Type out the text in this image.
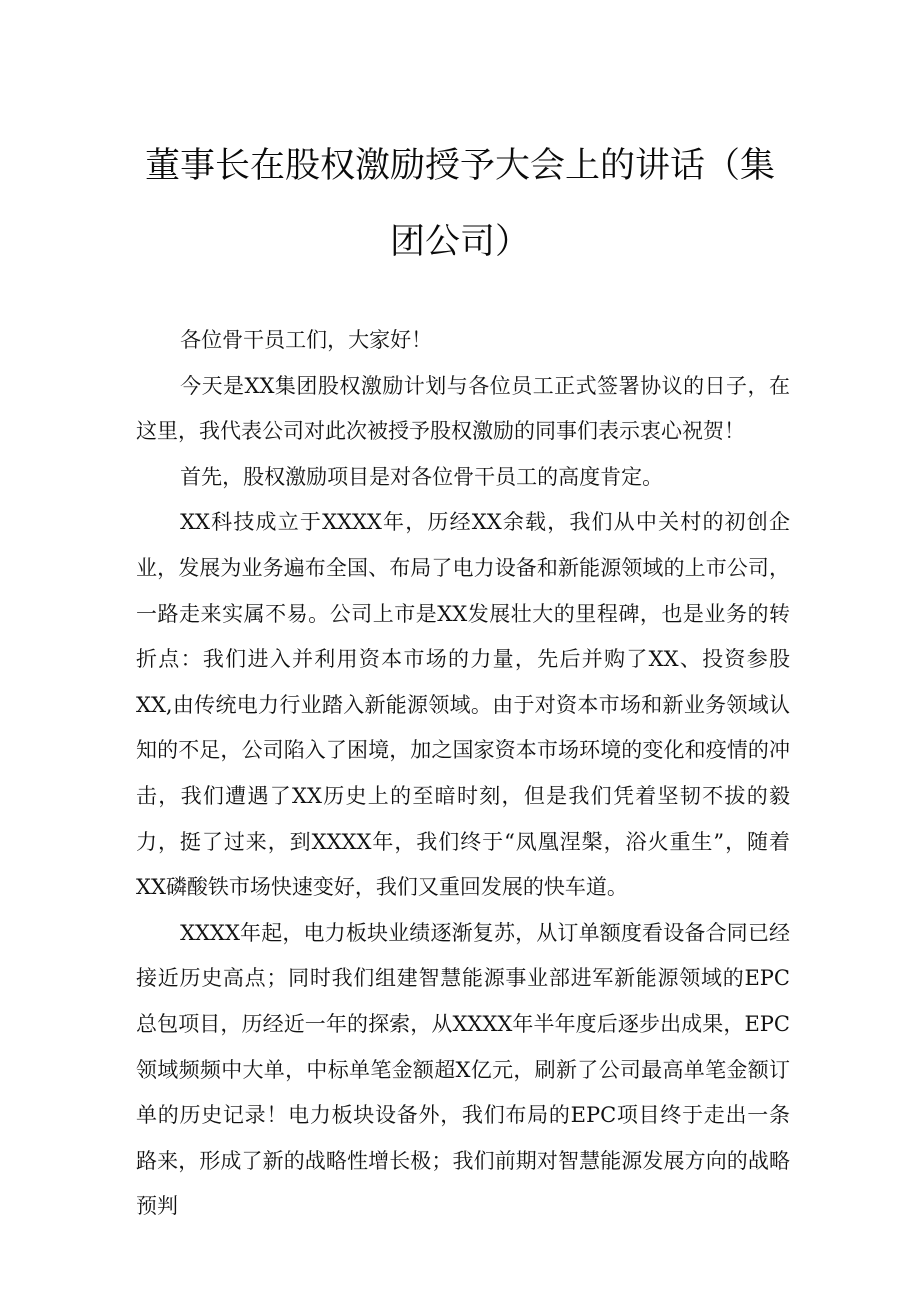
董事长在股权激励授予大会上的讲话（集团公司）

各位骨干员工们，大家好！

今天是XX集团股权激励计划与各位员工正式签署协议的日子，在这里，我代表公司对此次被授予股权激励的同事们表示衷心祝贺！

首先，股权激励项目是对各位骨干员工的高度肯定。

XX科技成立于XXXX年，历经XX余载，我们从中关村的初创企业，发展为业务遍布全国、布局了电力设备和新能源领域的上市公司，一路走来实属不易。公司上市是XX发展壮大的里程碑，也是业务的转折点：我们进入并利用资本市场的力量，先后并购了XX、投资参股XX,由传统电力行业踏入新能源领域。由于对资本市场和新业务领域认知的不足，公司陷入了困境，加之国家资本市场环境的变化和疫情的冲击，我们遭遇了XX历史上的至暗时刻，但是我们凭着坚韧不拔的毅力，挺了过来，到XXXX年，我们终于“凤凰涅槃，浴火重生”，随着XX磷酸铁市场快速变好，我们又重回发展的快车道。

XXXX年起，电力板块业绩逐渐复苏，从订单额度看设备合同已经接近历史高点；同时我们组建智慧能源事业部进军新能源领域的EPC总包项目，历经近一年的探索，从XXXX年半年度后逐步出成果，EPC领域频频中大单，中标单笔金额超X亿元，刷新了公司最高单笔金额订单的历史记录！电力板块设备外，我们布局的EPC项目终于走出一条路来，形成了新的战略性增长极；我们前期对智慧能源发展方向的战略预判
